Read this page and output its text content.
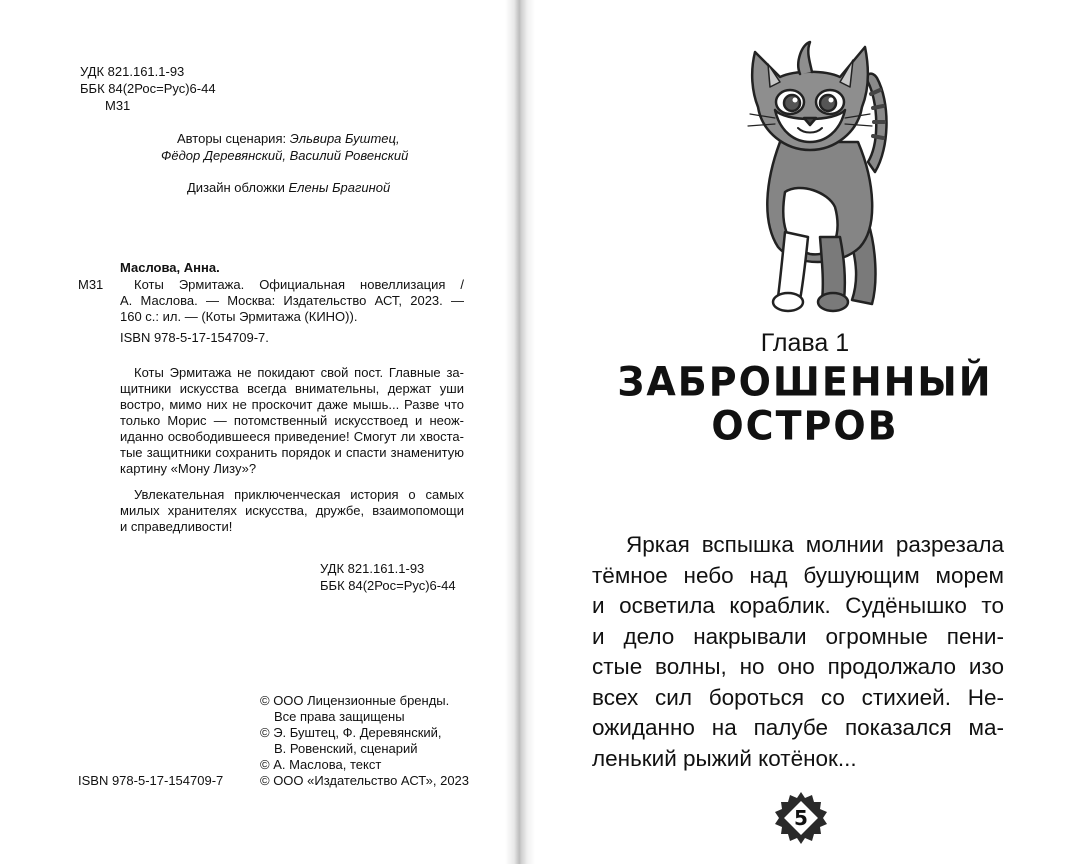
УДК 821.161.1-93
ББК 84(2Рос=Рус)6-44
М31
Авторы сценария: Эльвира Буштец,
Фёдор Деревянский, Василий Ровенский
Дизайн обложки Елены Брагиной
Маслова, Анна.
М31	Коты Эрмитажа. Официальная новеллизация /
А. Маслова. — Москва: Издательство АСТ, 2023. —
160 с.: ил. — (Коты Эрмитажа (КИНО)).
ISBN 978-5-17-154709-7.
Коты Эрмитажа не покидают свой пост. Главные за-
щитники искусства всегда внимательны, держат уши
востро, мимо них не проскочит даже мышь... Разве что
только Морис — потомственный искусствоед и неож-
иданно освободившееся приведение! Смогут ли хвоста-
тые защитники сохранить порядок и спасти знаменитую
картину «Мону Лизу»?
Увлекательная приключенческая история о самых
милых хранителях искусства, дружбе, взаимопомощи
и справедливости!
УДК 821.161.1-93
ББК 84(2Рос=Рус)6-44
© ООО Лицензионные бренды.
Все права защищены
© Э. Буштец, Ф. Деревянский,
В. Ровенский, сценарий
© А. Маслова, текст
© ООО «Издательство АСТ», 2023
ISBN 978-5-17-154709-7
Глава 1
ЗАБРОШЕННЫЙ
ОСТРОВ
Яркая вспышка молнии разрезала
тёмное небо над бушующим морем
и осветила кораблик. Судёнышко то
и дело накрывали огромные пени-
стые волны, но оно продолжало изо
всех сил бороться со стихией. Не-
ожиданно на палубе показался ма-
ленький рыжий котёнок...
5
